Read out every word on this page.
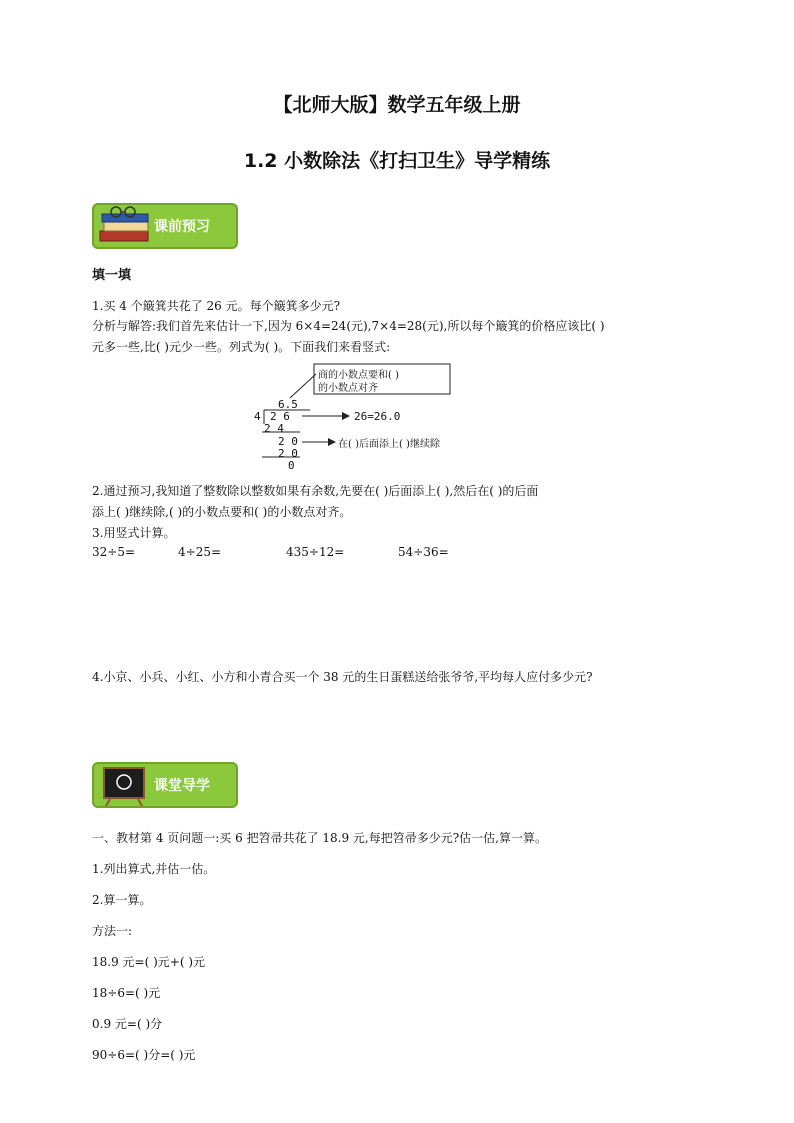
【北师大版】数学五年级上册
1.2 小数除法《打扫卫生》导学精练
课前预习
填一填
1.买 4 个簸箕共花了 26 元。每个簸箕多少元?
分析与解答:我们首先来估计一下,因为 6×4=24(元),7×4=28(元),所以每个簸箕的价格应该比( )
元多一些,比( )元少一些。列式为( )。下面我们来看竖式:
商的小数点要和( )
的小数点对齐
6.5
4 2 6	26=26.0
2 4
2 0	在( )后面添上( )继续除
2 0
0
2.通过预习,我知道了整数除以整数如果有余数,先要在( )后面添上( ),然后在( )的后面
添上( )继续除,( )的小数点要和( )的小数点对齐。
3.用竖式计算。
32÷5=	4÷25=	435÷12=	54÷36=
4.小京、小兵、小红、小方和小青合买一个 38 元的生日蛋糕送给张爷爷,平均每人应付多少元?
课堂导学
一、教材第 4 页问题一:买 6 把笤帚共花了 18.9 元,每把笤帚多少元?估一估,算一算。
1.列出算式,并估一估。
2.算一算。
方法一:
18.9 元=( )元+( )元
18÷6=( )元
0.9 元=( )分
90÷6=( )分=( )元
